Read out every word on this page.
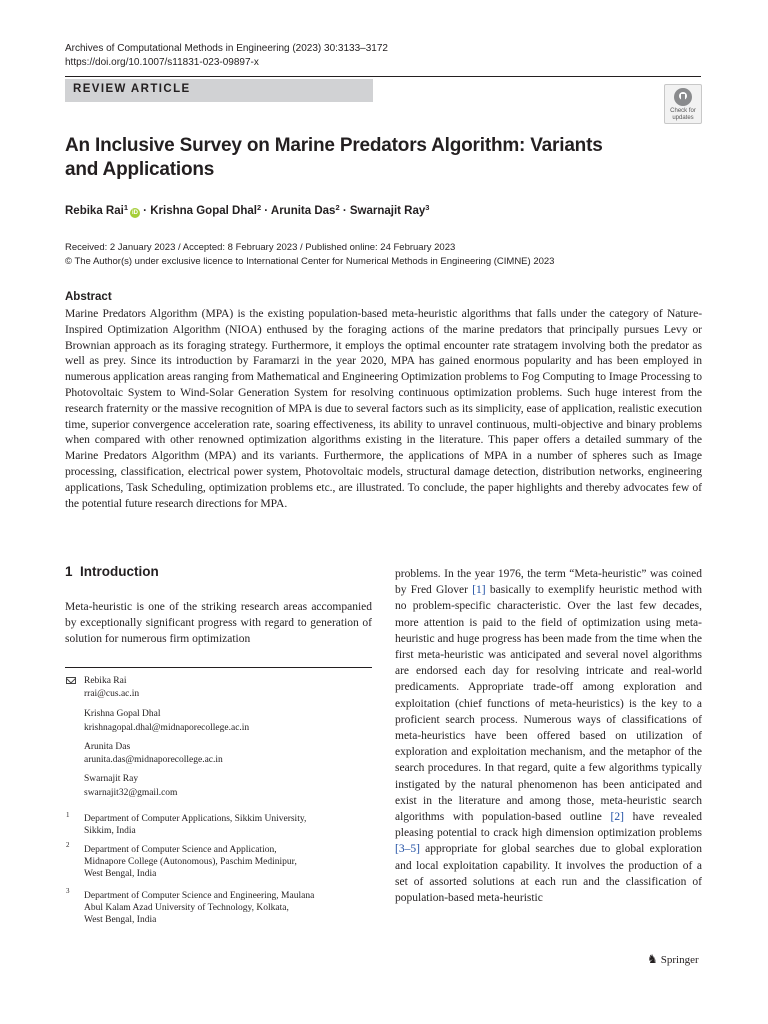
Archives of Computational Methods in Engineering (2023) 30:3133–3172
https://doi.org/10.1007/s11831-023-09897-x
REVIEW ARTICLE
Check for
updates
An Inclusive Survey on Marine Predators Algorithm: Variants and Applications
Rebika Rai$^1$iD · Krishna Gopal Dhal$^2$ · Arunita Das$^2$ · Swarnajit Ray$^3$
Received: 2 January 2023 / Accepted: 8 February 2023 / Published online: 24 February 2023
© The Author(s) under exclusive licence to International Center for Numerical Methods in Engineering (CIMNE) 2023
Abstract
Marine Predators Algorithm (MPA) is the existing population-based meta-heuristic algorithms that falls under the category of Nature-Inspired Optimization Algorithm (NIOA) enthused by the foraging actions of the marine predators that principally pursues Levy or Brownian approach as its foraging strategy. Furthermore, it employs the optimal encounter rate stratagem involving both the predator as well as prey. Since its introduction by Faramarzi in the year 2020, MPA has gained enormous popularity and has been employed in numerous application areas ranging from Mathematical and Engineering Optimization problems to Fog Computing to Image Processing to Photovoltaic System to Wind-Solar Generation System for resolving continuous optimization problems. Such huge interest from the research fraternity or the massive recognition of MPA is due to several factors such as its simplicity, ease of application, realistic execution time, superior convergence acceleration rate, soaring effectiveness, its ability to unravel continuous, multi-objective and binary problems when compared with other renowned optimization algorithms existing in the literature. This paper offers a detailed summary of the Marine Predators Algorithm (MPA) and its variants. Furthermore, the applications of MPA in a number of spheres such as Image processing, classification, electrical power system, Photovoltaic models, structural damage detection, distribution networks, engineering applications, Task Scheduling, optimization problems etc., are illustrated. To conclude, the paper highlights and thereby advocates few of the potential future research directions for MPA.
1 Introduction
Meta-heuristic is one of the striking research areas accompanied by exceptionally significant progress with regard to generation of solution for numerous firm optimization
problems. In the year 1976, the term “Meta-heuristic” was coined by Fred Glover [1] basically to exemplify heuristic method with no problem-specific characteristic. Over the last few decades, more attention is paid to the field of optimization using meta-heuristic and huge progress has been made from the time when the first meta-heuristic was anticipated and several novel algorithms are endorsed each day for resolving intricate and real-world predicaments. Appropriate trade-off among exploration and exploitation (chief functions of meta-heuristics) is the key to a proficient search process. Numerous ways of classifications of meta-heuristics have been offered based on utilization of exploration and exploitation mechanism, and the metaphor of the search procedures. In that regard, quite a few algorithms typically instigated by the natural phenomenon has been anticipated and exist in the literature and among those, meta-heuristic search algorithms with population-based outline [2] have revealed pleasing potential to crack high dimension optimization problems [3–5] appropriate for global searches due to global exploration and local exploitation capability. It involves the production of a set of assorted solutions at each run and the classification of population-based meta-heuristic
Rebika Rai
rrai@cus.ac.in
Krishna Gopal Dhal
krishnagopal.dhal@midnaporecollege.ac.in
Arunita Das
arunita.das@midnaporecollege.ac.in
Swarnajit Ray
swarnajit32@gmail.com
1 Department of Computer Applications, Sikkim University,
Sikkim, India
2 Department of Computer Science and Application,
Midnapore College (Autonomous), Paschim Medinipur,
West Bengal, India
3 Department of Computer Science and Engineering, Maulana
Abul Kalam Azad University of Technology, Kolkata,
West Bengal, India
♞ Springer
